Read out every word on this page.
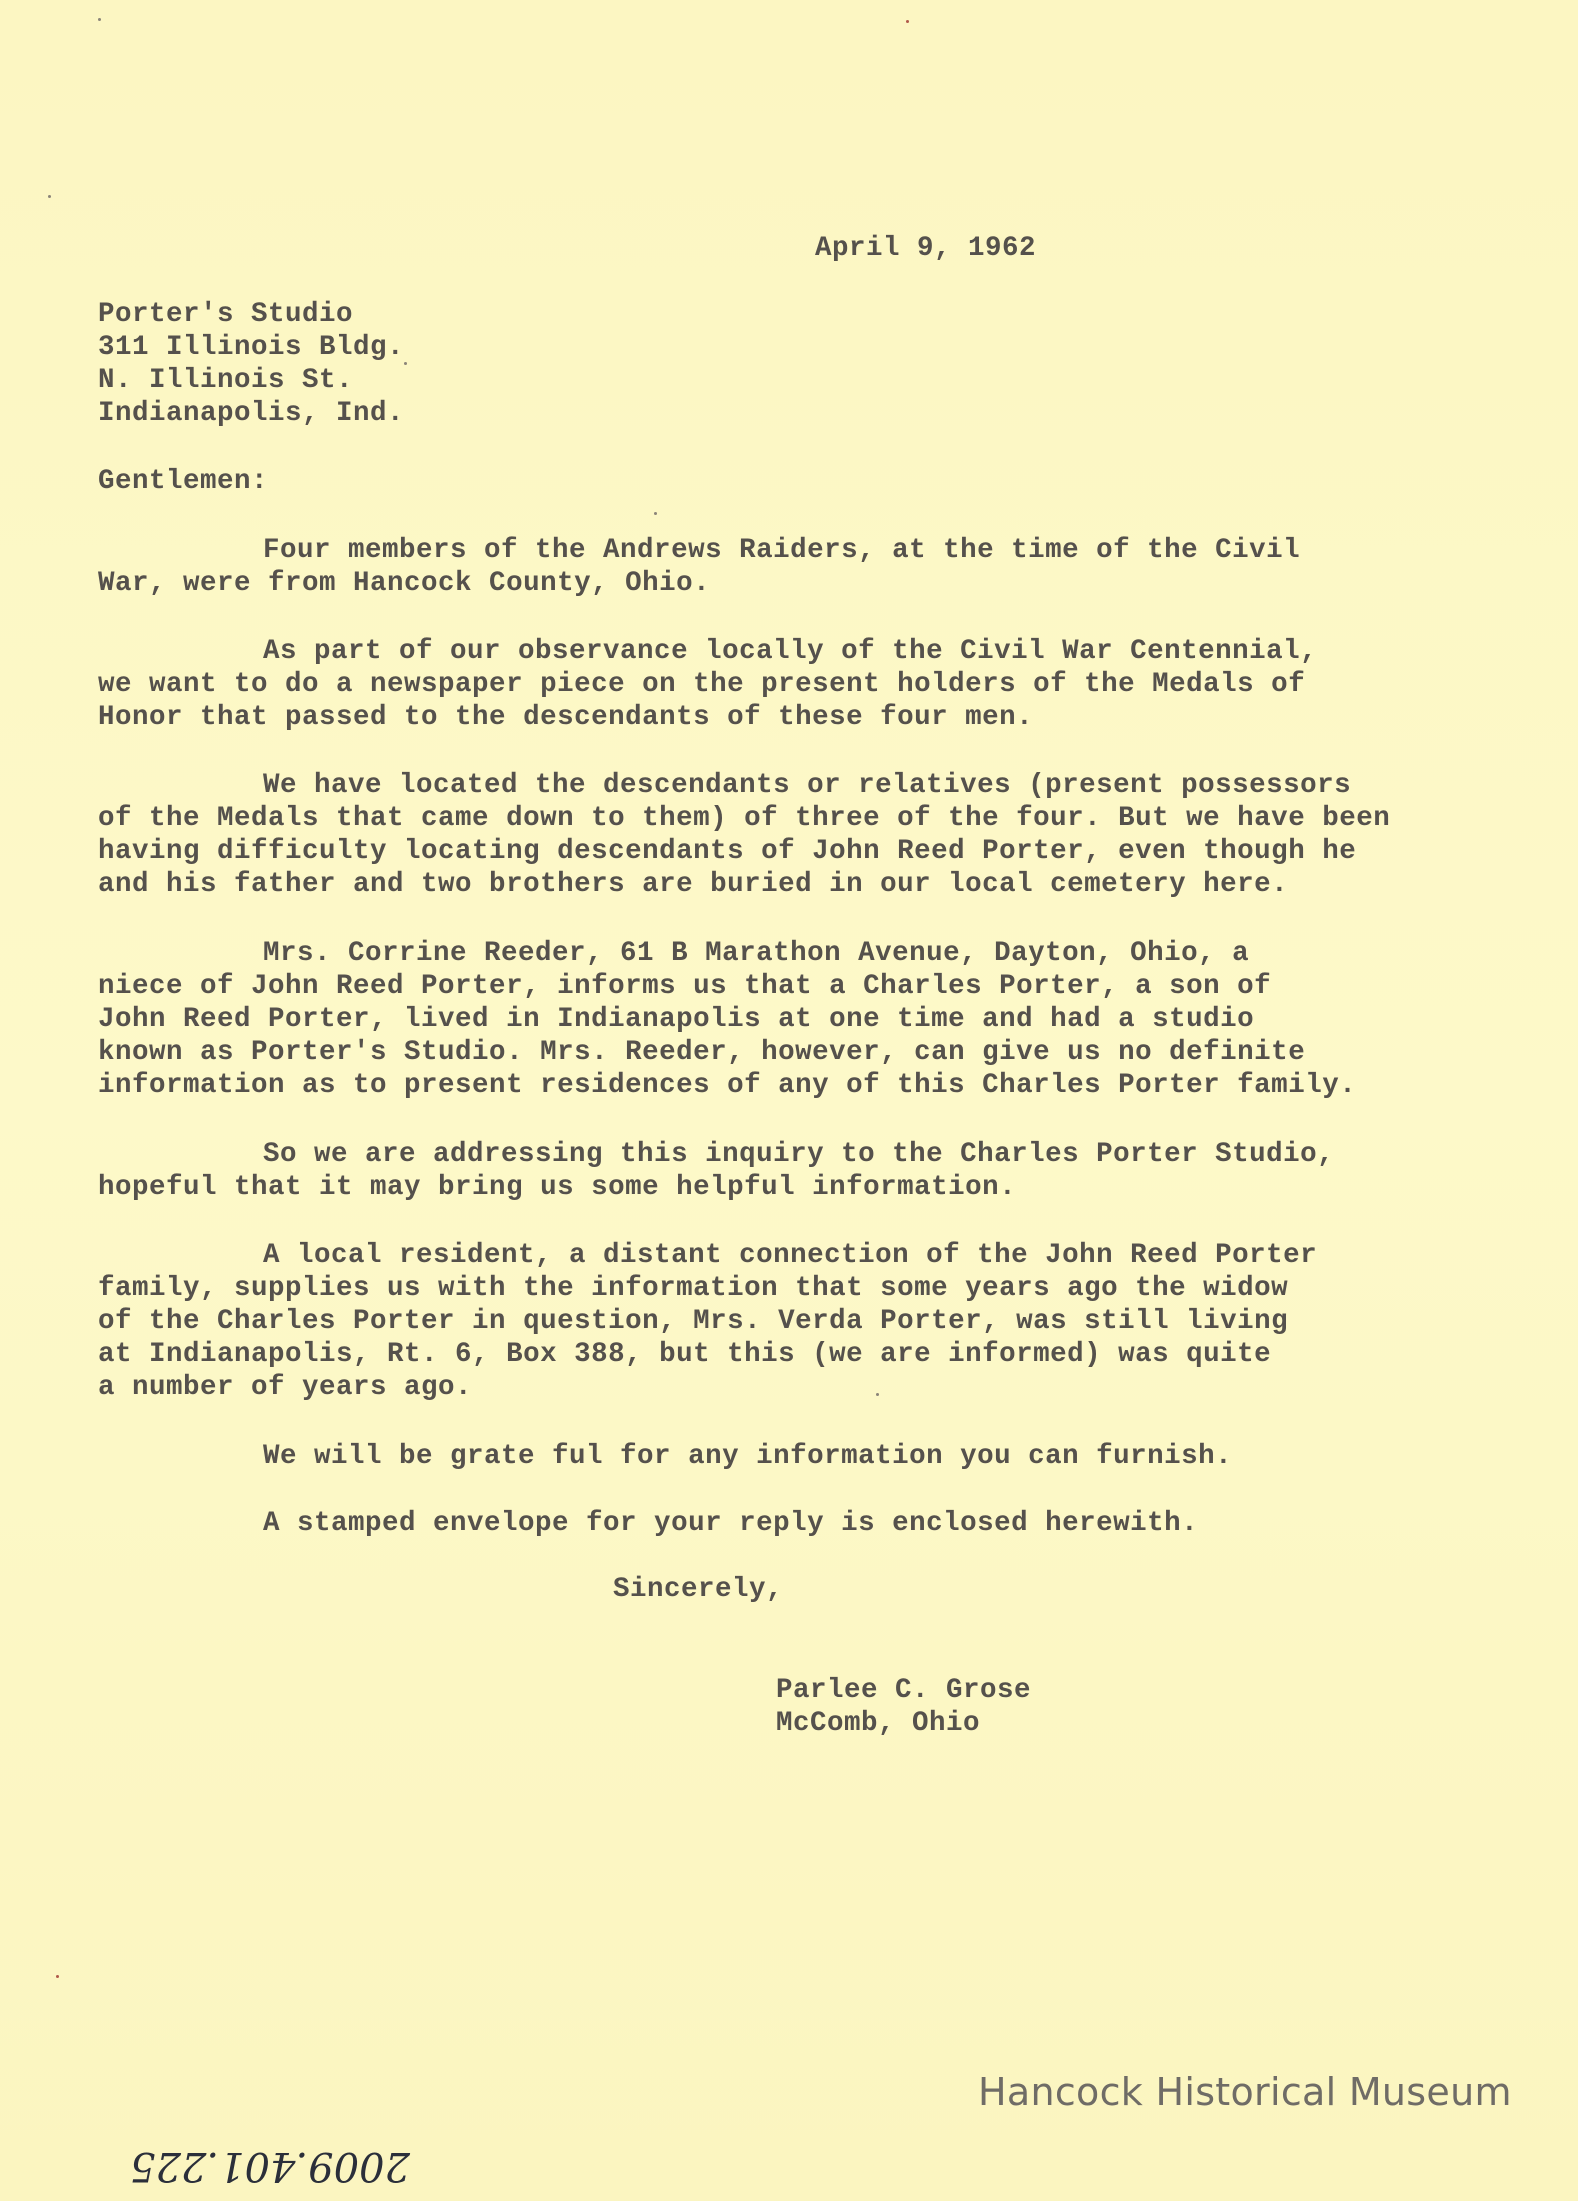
April 9, 1962
Porter's Studio
311 Illinois Bldg.
N. Illinois St.
Indianapolis, Ind.
Gentlemen:
Four members of the Andrews Raiders, at the time of the Civil
War, were from Hancock County, Ohio.
As part of our observance locally of the Civil War Centennial,
we want to do a newspaper piece on the present holders of the Medals of
Honor that passed to the descendants of these four men.
We have located the descendants or relatives (present possessors
of the Medals that came down to them) of three of the four. But we have been
having difficulty locating descendants of John Reed Porter, even though he
and his father and two brothers are buried in our local cemetery here.
Mrs. Corrine Reeder, 61 B Marathon Avenue, Dayton, Ohio, a
niece of John Reed Porter, informs us that a Charles Porter, a son of
John Reed Porter, lived in Indianapolis at one time and had a studio
known as Porter's Studio. Mrs. Reeder, however, can give us no definite
information as to present residences of any of this Charles Porter family.
So we are addressing this inquiry to the Charles Porter Studio,
hopeful that it may bring us some helpful information.
A local resident, a distant connection of the John Reed Porter
family, supplies us with the information that some years ago the widow
of the Charles Porter in question, Mrs. Verda Porter, was still living
at Indianapolis, Rt. 6, Box 388, but this (we are informed) was quite
a number of years ago.
We will be grate ful for any information you can furnish.
A stamped envelope for your reply is enclosed herewith.
Sincerely,
Parlee C. Grose
McComb, Ohio
Hancock Historical Museum
2009.401.225
